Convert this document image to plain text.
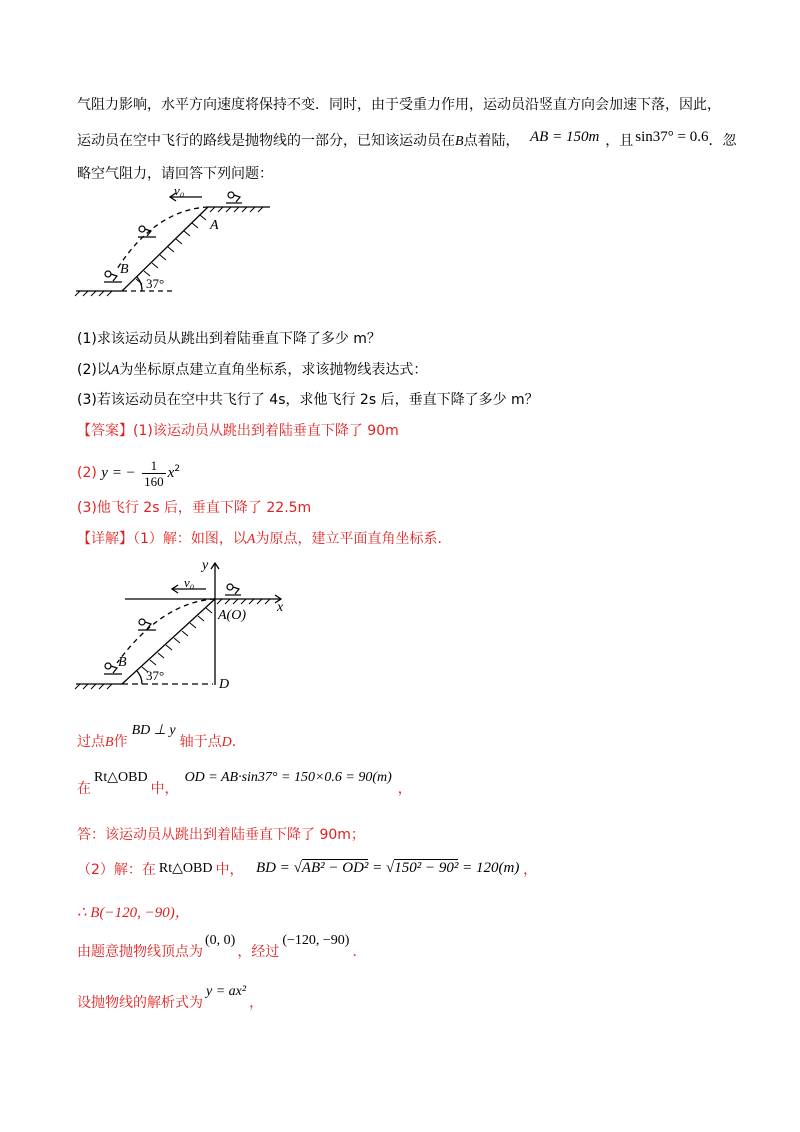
气阻力影响，水平方向速度将保持不变．同时，由于受重力作用，运动员沿竖直方向会加速下落，因此，
运动员在空中飞行的路线是抛物线的一部分，已知该运动员在B点着陆， AB = 150m ，且 sin37° = 0.6．忽
略空气阻力，请回答下列问题：
v₀
A
B
37°
(1)求该运动员从跳出到着陆垂直下降了多少 m？
(2)以A为坐标原点建立直角坐标系，求该抛物线表达式：
(3)若该运动员在空中共飞行了 4s，求他飞行 2s 后，垂直下降了多少 m？
【答案】(1)该运动员从跳出到着陆垂直下降了 90m
(2) y = − $\frac{1}{160} x^2$
(3)他飞行 2s 后，垂直下降了 22.5m
【详解】（1）解：如图，以A为原点，建立平面直角坐标系．
y
x
v₀
A(O)
B
D
37°
过点B作BD ⊥ y轴于点D．
在Rt△OBD中，OD = AB·sin37° = 150×0.6 = 90(m)，
答：该运动员从跳出到着陆垂直下降了 90m；
（2）解：在 Rt△OBD 中， BD = √AB² − OD² = √150² − 90² = 120(m) ，
∴ B(−120, −90)，
由题意抛物线顶点为(0, 0)，经过(−120, −90)．
设抛物线的解析式为y = ax²，
